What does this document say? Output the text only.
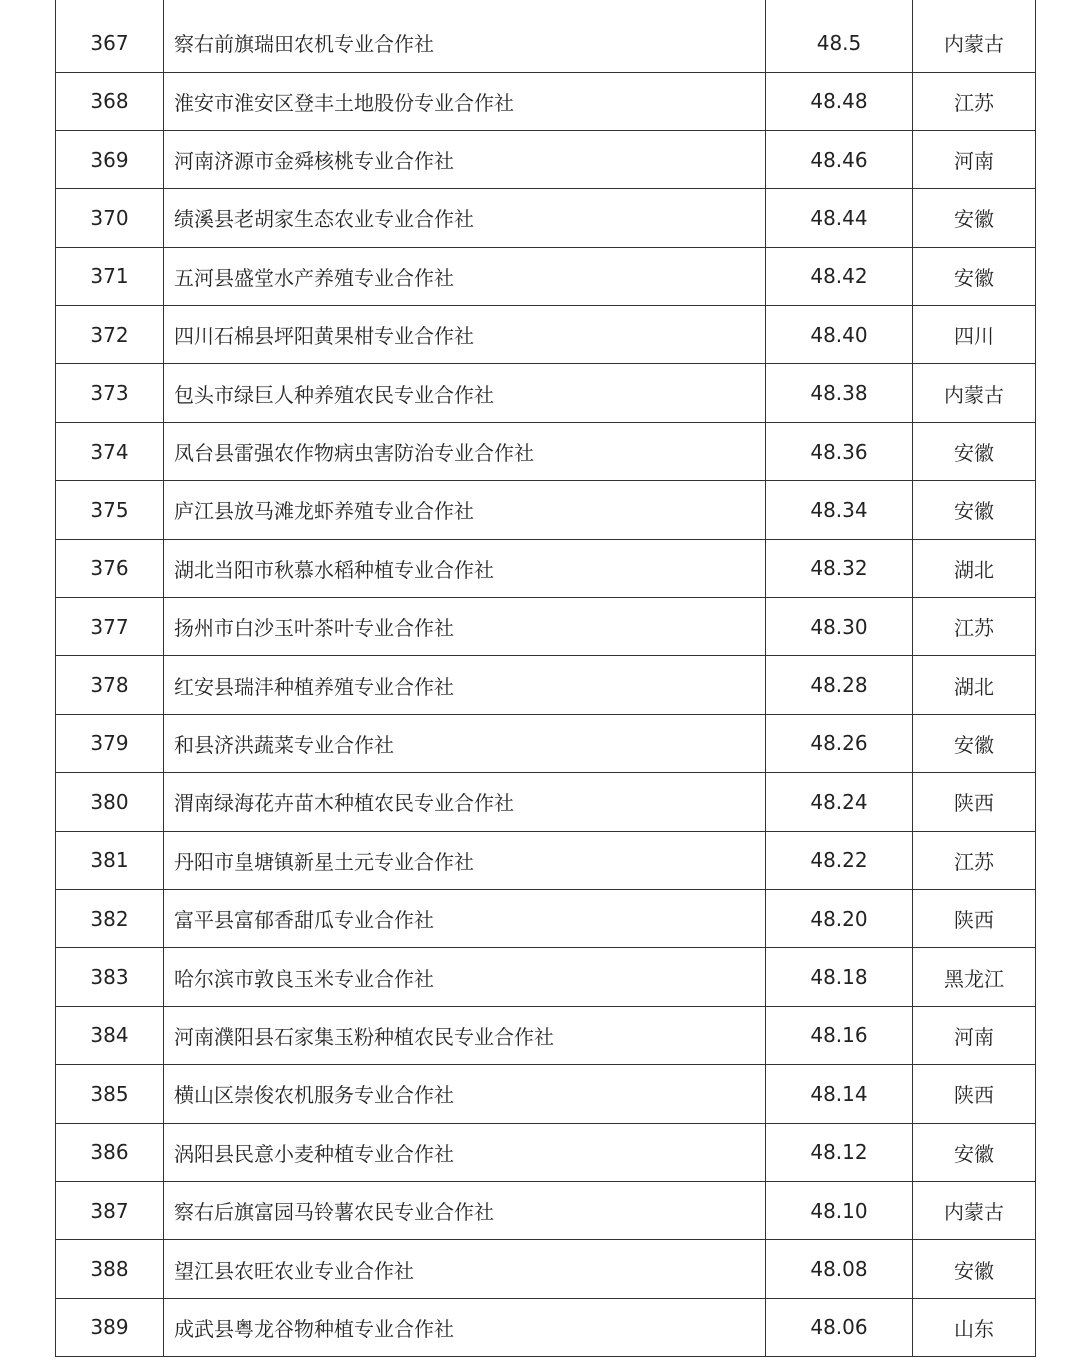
367	察右前旗瑞田农机专业合作社	48.5	内蒙古
368	淮安市淮安区登丰土地股份专业合作社	48.48	江苏
369	河南济源市金舜核桃专业合作社	48.46	河南
370	绩溪县老胡家生态农业专业合作社	48.44	安徽
371	五河县盛堂水产养殖专业合作社	48.42	安徽
372	四川石棉县坪阳黄果柑专业合作社	48.40	四川
373	包头市绿巨人种养殖农民专业合作社	48.38	内蒙古
374	凤台县雷强农作物病虫害防治专业合作社	48.36	安徽
375	庐江县放马滩龙虾养殖专业合作社	48.34	安徽
376	湖北当阳市秋慕水稻种植专业合作社	48.32	湖北
377	扬州市白沙玉叶茶叶专业合作社	48.30	江苏
378	红安县瑞沣种植养殖专业合作社	48.28	湖北
379	和县济洪蔬菜专业合作社	48.26	安徽
380	渭南绿海花卉苗木种植农民专业合作社	48.24	陕西
381	丹阳市皇塘镇新星土元专业合作社	48.22	江苏
382	富平县富郁香甜瓜专业合作社	48.20	陕西
383	哈尔滨市敦良玉米专业合作社	48.18	黑龙江
384	河南濮阳县石家集玉粉种植农民专业合作社	48.16	河南
385	横山区崇俊农机服务专业合作社	48.14	陕西
386	涡阳县民意小麦种植专业合作社	48.12	安徽
387	察右后旗富园马铃薯农民专业合作社	48.10	内蒙古
388	望江县农旺农业专业合作社	48.08	安徽
389	成武县粤龙谷物种植专业合作社	48.06	山东
